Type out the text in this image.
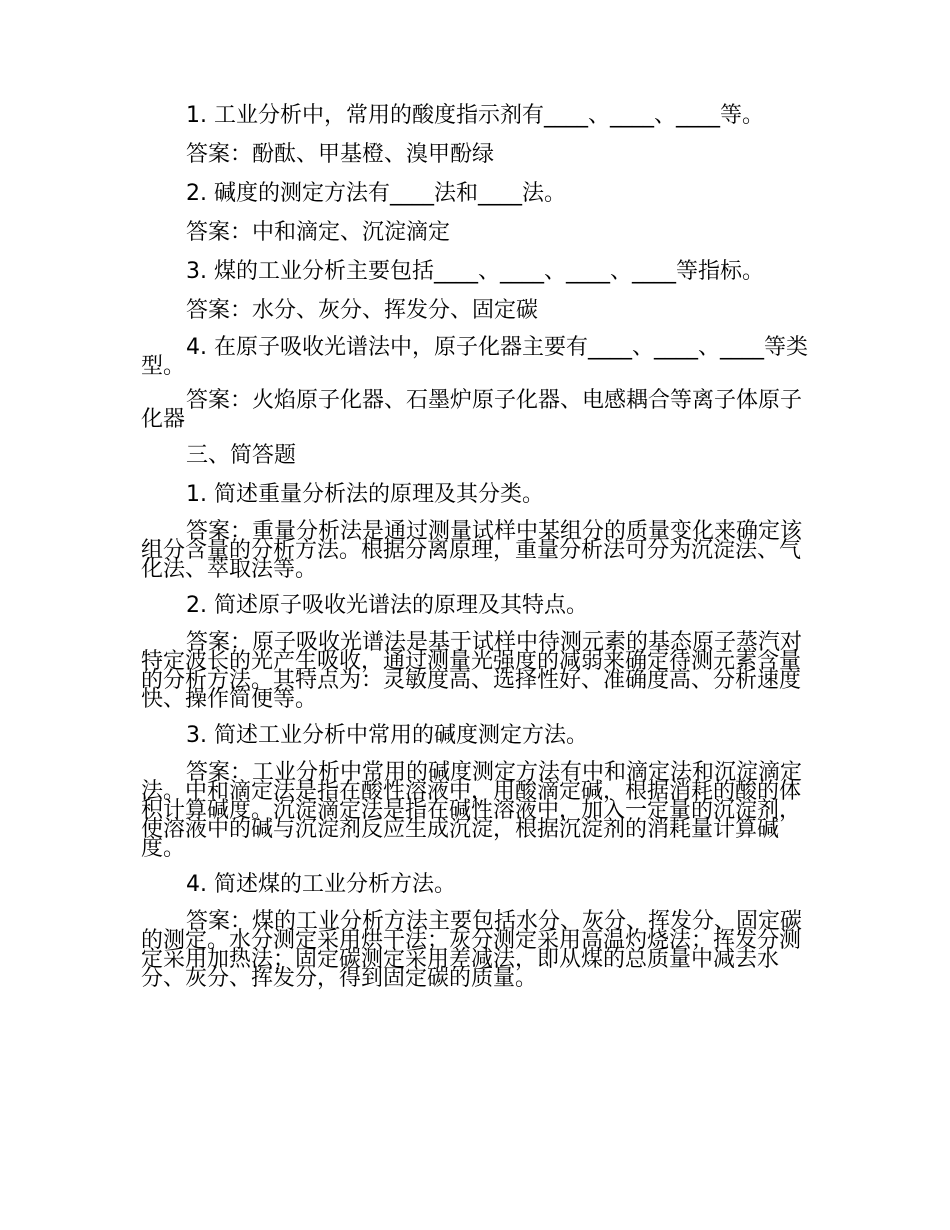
1. 工业分析中，常用的酸度指示剂有____、____、____等。

答案：酚酞、甲基橙、溴甲酚绿

2. 碱度的测定方法有____法和____法。

答案：中和滴定、沉淀滴定

3. 煤的工业分析主要包括____、____、____、____等指标。

答案：水分、灰分、挥发分、固定碳

4. 在原子吸收光谱法中，原子化器主要有____、____、____等类型。

答案：火焰原子化器、石墨炉原子化器、电感耦合等离子体原子化器

三、简答题

1. 简述重量分析法的原理及其分类。

答案：重量分析法是通过测量试样中某组分的质量变化来确定该组分含量的分析方法。根据分离原理，重量分析法可分为沉淀法、气化法、萃取法等。

2. 简述原子吸收光谱法的原理及其特点。

答案：原子吸收光谱法是基于试样中待测元素的基态原子蒸汽对特定波长的光产生吸收，通过测量光强度的减弱来确定待测元素含量的分析方法。其特点为：灵敏度高、选择性好、准确度高、分析速度快、操作简便等。

3. 简述工业分析中常用的碱度测定方法。

答案：工业分析中常用的碱度测定方法有中和滴定法和沉淀滴定法。中和滴定法是指在酸性溶液中，用酸滴定碱，根据消耗的酸的体积计算碱度。沉淀滴定法是指在碱性溶液中，加入一定量的沉淀剂，使溶液中的碱与沉淀剂反应生成沉淀，根据沉淀剂的消耗量计算碱度。

4. 简述煤的工业分析方法。

答案：煤的工业分析方法主要包括水分、灰分、挥发分、固定碳的测定。水分测定采用烘干法；灰分测定采用高温灼烧法；挥发分测定采用加热法；固定碳测定采用差减法，即从煤的总质量中减去水分、灰分、挥发分，得到固定碳的质量。
